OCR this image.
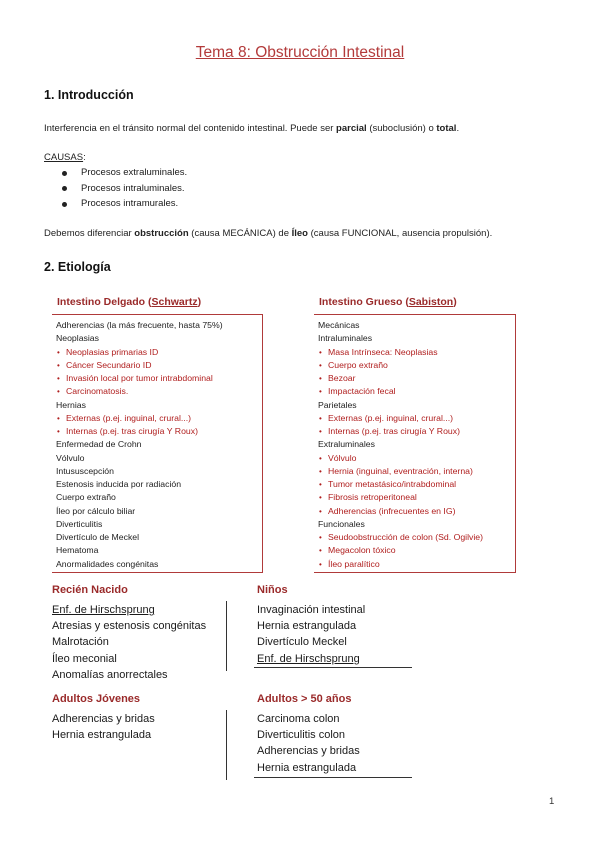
Tema 8: Obstrucción Intestinal
1. Introducción
Interferencia en el tránsito normal del contenido intestinal. Puede ser parcial (suboclusión) o total.
CAUSAS:
Procesos extraluminales.
Procesos intraluminales.
Procesos intramurales.
Debemos diferenciar obstrucción (causa MECÁNICA) de Íleo (causa FUNCIONAL, ausencia propulsión).
2. Etiología
Intestino Delgado (Schwartz)
Adherencias (la más frecuente, hasta 75%)
Neoplasias
• Neoplasias primarias ID
• Cáncer Secundario ID
• Invasión local por tumor intrabdominal
• Carcinomatosis.
Hernias
• Externas (p.ej. inguinal, crural...)
• Internas (p.ej. tras cirugía Y Roux)
Enfermedad de Crohn
Vólvulo
Intususcepción
Estenosis inducida por radiación
Cuerpo extraño
Íleo por cálculo biliar
Diverticulitis
Divertículo de Meckel
Hematoma
Anormalidades congénitas
Intestino Grueso (Sabiston)
Mecánicas
Intraluminales
• Masa Intrínseca: Neoplasias
• Cuerpo extraño
• Bezoar
• Impactación fecal
Parietales
• Externas (p.ej. inguinal, crural...)
• Internas (p.ej. tras cirugía Y Roux)
Extraluminales
• Vólvulo
• Hernia (inguinal, eventración, interna)
• Tumor metastásico/intrabdominal
• Fibrosis retroperitoneal
• Adherencias (infrecuentes en IG)
Funcionales
• Seudoobstrucción de colon (Sd. Ogilvie)
• Megacolon tóxico
• Íleo paralítico
Recién Nacido
Enf. de Hirschsprung
Atresias y estenosis congénitas
Malrotación
Íleo meconial
Anomalías anorrectales
Niños
Invaginación intestinal
Hernia estrangulada
Divertículo Meckel
Enf. de Hirschsprung
Adultos Jóvenes
Adherencias y bridas
Hernia estrangulada
Adultos > 50 años
Carcinoma colon
Diverticulitis colon
Adherencias y bridas
Hernia estrangulada
1
